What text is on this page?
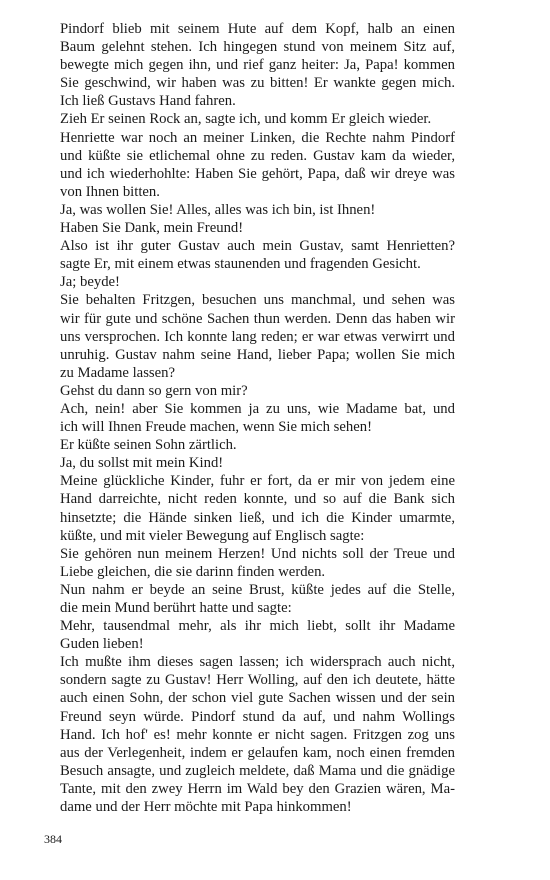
Pindorf blieb mit seinem Hute auf dem Kopf, halb an einen
Baum gelehnt stehen. Ich hingegen stund von meinem Sitz auf,
bewegte mich gegen ihn, und rief ganz heiter: Ja, Papa! kommen
Sie geschwind, wir haben was zu bitten! Er wankte gegen mich.
Ich ließ Gustavs Hand fahren.

Zieh Er seinen Rock an, sagte ich, und komm Er gleich wieder.

Henriette war noch an meiner Linken, die Rechte nahm Pindorf
und küßte sie etlichemal ohne zu reden. Gustav kam da wieder,
und ich wiederhohlte: Haben Sie gehört, Papa, daß wir dreye was
von Ihnen bitten.

Ja, was wollen Sie! Alles, alles was ich bin, ist Ihnen!

Haben Sie Dank, mein Freund!

Also ist ihr guter Gustav auch mein Gustav, samt Henrietten?
sagte Er, mit einem etwas staunenden und fragenden Gesicht.

Ja; beyde!

Sie behalten Fritzgen, besuchen uns manchmal, und sehen was
wir für gute und schöne Sachen thun werden. Denn das haben wir
uns versprochen. Ich konnte lang reden; er war etwas verwirrt und
unruhig. Gustav nahm seine Hand, lieber Papa; wollen Sie mich
zu Madame lassen?

Gehst du dann so gern von mir?

Ach, nein! aber Sie kommen ja zu uns, wie Madame bat, und
ich will Ihnen Freude machen, wenn Sie mich sehen!

Er küßte seinen Sohn zärtlich.

Ja, du sollst mit mein Kind!

Meine glückliche Kinder, fuhr er fort, da er mir von jedem eine
Hand darreichte, nicht reden konnte, und so auf die Bank sich
hinsetzte; die Hände sinken ließ, und ich die Kinder umarmte,
küßte, und mit vieler Bewegung auf Englisch sagte:

Sie gehören nun meinem Herzen! Und nichts soll der Treue und
Liebe gleichen, die sie darinn finden werden.

Nun nahm er beyde an seine Brust, küßte jedes auf die Stelle,
die mein Mund berührt hatte und sagte:

Mehr, tausendmal mehr, als ihr mich liebt, sollt ihr Madame
Guden lieben!

Ich mußte ihm dieses sagen lassen; ich widersprach auch nicht,
sondern sagte zu Gustav! Herr Wolling, auf den ich deutete, hätte
auch einen Sohn, der schon viel gute Sachen wissen und der sein
Freund seyn würde. Pindorf stund da auf, und nahm Wollings
Hand. Ich hof' es! mehr konnte er nicht sagen. Fritzgen zog uns
aus der Verlegenheit, indem er gelaufen kam, noch einen fremden
Besuch ansagte, und zugleich meldete, daß Mama und die gnädige
Tante, mit den zwey Herrn im Wald bey den Grazien wären, Ma-
dame und der Herr möchte mit Papa hinkommen!

384
